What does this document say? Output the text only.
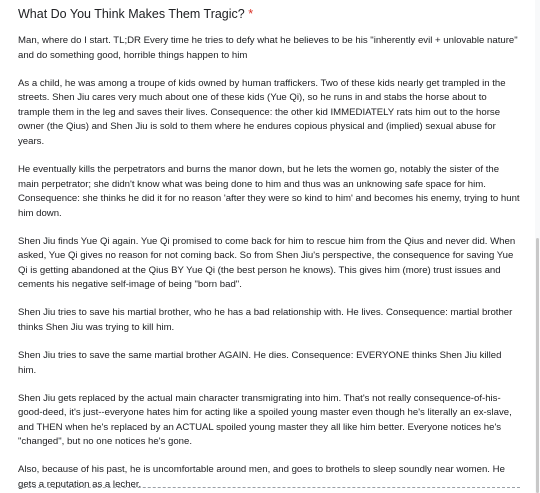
What Do You Think Makes Them Tragic? *

Man, where do I start. TL;DR Every time he tries to defy what he believes to be his "inherently evil + unlovable nature" and do something good, horrible things happen to him

As a child, he was among a troupe of kids owned by human traffickers. Two of these kids nearly get trampled in the streets. Shen Jiu cares very much about one of these kids (Yue Qi), so he runs in and stabs the horse about to trample them in the leg and saves their lives. Consequence: the other kid IMMEDIATELY rats him out to the horse owner (the Qius) and Shen Jiu is sold to them where he endures copious physical and (implied) sexual abuse for years.

He eventually kills the perpetrators and burns the manor down, but he lets the women go, notably the sister of the main perpetrator; she didn't know what was being done to him and thus was an unknowing safe space for him. Consequence: she thinks he did it for no reason 'after they were so kind to him' and becomes his enemy, trying to hunt him down.

Shen Jiu finds Yue Qi again. Yue Qi promised to come back for him to rescue him from the Qius and never did. When asked, Yue Qi gives no reason for not coming back. So from Shen Jiu's perspective, the consequence for saving Yue Qi is getting abandoned at the Qius BY Yue Qi (the best person he knows). This gives him (more) trust issues and cements his negative self-image of being "born bad".

Shen Jiu tries to save his martial brother, who he has a bad relationship with. He lives. Consequence: martial brother thinks Shen Jiu was trying to kill him.

Shen Jiu tries to save the same martial brother AGAIN. He dies. Consequence: EVERYONE thinks Shen Jiu killed him.

Shen Jiu gets replaced by the actual main character transmigrating into him. That's not really consequence-of-his-good-deed, it's just--everyone hates him for acting like a spoiled young master even though he's literally an ex-slave, and THEN when he's replaced by an ACTUAL spoiled young master they all like him better. Everyone notices he's "changed", but no one notices he's gone.

Also, because of his past, he is uncomfortable around men, and goes to brothels to sleep soundly near women. He gets a reputation as a lecher.
